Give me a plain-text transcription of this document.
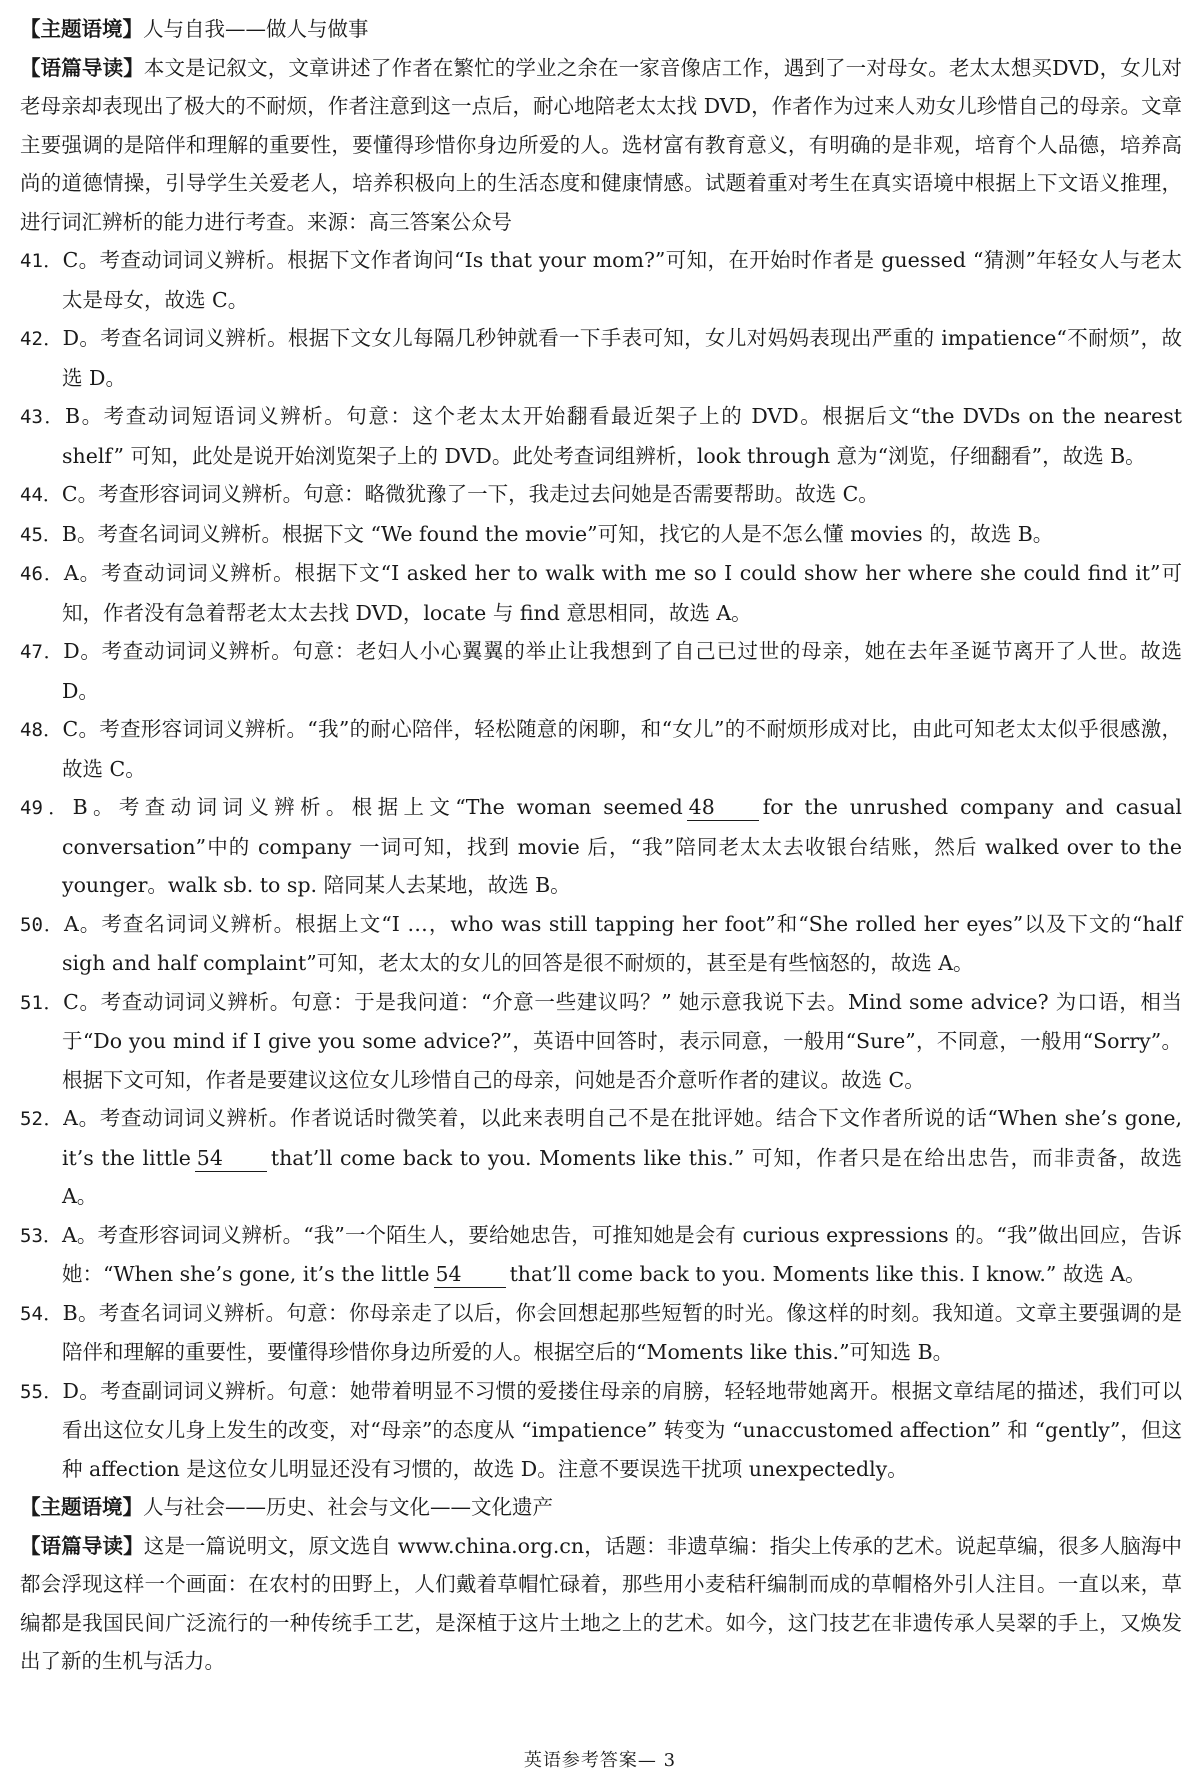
【主题语境】人与自我——做人与做事

【语篇导读】本文是记叙文，文章讲述了作者在繁忙的学业之余在一家音像店工作，遇到了一对母女。老太太想买DVD，女儿对老母亲却表现出了极大的不耐烦，作者注意到这一点后，耐心地陪老太太找 DVD，作者作为过来人劝女儿珍惜自己的母亲。文章主要强调的是陪伴和理解的重要性，要懂得珍惜你身边所爱的人。选材富有教育意义，有明确的是非观，培育个人品德，培养高尚的道德情操，引导学生关爱老人，培养积极向上的生活态度和健康情感。试题着重对考生在真实语境中根据上下文语义推理，进行词汇辨析的能力进行考查。来源：高三答案公众号

41．C。考查动词词义辨析。根据下文作者询问“Is that your mom?”可知，在开始时作者是 guessed “猜测”年轻女人与老太太是母女，故选 C。

42．D。考查名词词义辨析。根据下文女儿每隔几秒钟就看一下手表可知，女儿对妈妈表现出严重的 impatience“不耐烦”，故选 D。

43．B。考查动词短语词义辨析。句意：这个老太太开始翻看最近架子上的 DVD。根据后文“the DVDs on the nearest shelf” 可知，此处是说开始浏览架子上的 DVD。此处考查词组辨析，look through 意为“浏览，仔细翻看”，故选 B。

44．C。考查形容词词义辨析。句意：略微犹豫了一下，我走过去问她是否需要帮助。故选 C。

45．B。考查名词词义辨析。根据下文 “We found the movie”可知，找它的人是不怎么懂 movies 的，故选 B。

46．A。考查动词词义辨析。根据下文“I asked her to walk with me so I could show her where she could find it”可知，作者没有急着帮老太太去找 DVD，locate 与 find 意思相同，故选 A。

47．D。考查动词词义辨析。句意：老妇人小心翼翼的举止让我想到了自己已过世的母亲，她在去年圣诞节离开了人世。故选 D。

48．C。考查形容词词义辨析。“我”的耐心陪伴，轻松随意的闲聊，和“女儿”的不耐烦形成对比，由此可知老太太似乎很感激，故选 C。

49．B。考查动词词义辨析。根据上文“The woman seemed 48 for the unrushed company and casual conversation”中的 company 一词可知，找到 movie 后，“我”陪同老太太去收银台结账，然后 walked over to the younger。walk sb. to sp. 陪同某人去某地，故选 B。

50．A。考查名词词义辨析。根据上文“I …，who was still tapping her foot”和“She rolled her eyes”以及下文的“half sigh and half complaint”可知，老太太的女儿的回答是很不耐烦的，甚至是有些恼怒的，故选 A。

51．C。考查动词词义辨析。句意：于是我问道：“介意一些建议吗？” 她示意我说下去。Mind some advice? 为口语，相当于“Do you mind if I give you some advice?”，英语中回答时，表示同意，一般用“Sure”，不同意，一般用“Sorry”。根据下文可知，作者是要建议这位女儿珍惜自己的母亲，问她是否介意听作者的建议。故选 C。

52．A。考查动词词义辨析。作者说话时微笑着，以此来表明自己不是在批评她。结合下文作者所说的话“When she’s gone, it’s the little 54 that’ll come back to you. Moments like this.” 可知，作者只是在给出忠告，而非责备，故选 A。

53．A。考查形容词词义辨析。“我”一个陌生人，要给她忠告，可推知她是会有 curious expressions 的。“我”做出回应，告诉她：“When she’s gone, it’s the little 54 that’ll come back to you. Moments like this. I know.” 故选 A。

54．B。考查名词词义辨析。句意：你母亲走了以后，你会回想起那些短暂的时光。像这样的时刻。我知道。文章主要强调的是陪伴和理解的重要性，要懂得珍惜你身边所爱的人。根据空后的“Moments like this.”可知选 B。

55．D。考查副词词义辨析。句意：她带着明显不习惯的爱搂住母亲的肩膀，轻轻地带她离开。根据文章结尾的描述，我们可以看出这位女儿身上发生的改变，对“母亲”的态度从 “impatience” 转变为 “unaccustomed affection” 和 “gently”，但这种 affection 是这位女儿明显还没有习惯的，故选 D。注意不要误选干扰项 unexpectedly。

【主题语境】人与社会——历史、社会与文化——文化遗产

【语篇导读】这是一篇说明文，原文选自 www.china.org.cn，话题：非遗草编：指尖上传承的艺术。说起草编，很多人脑海中都会浮现这样一个画面：在农村的田野上，人们戴着草帽忙碌着，那些用小麦秸秆编制而成的草帽格外引人注目。一直以来，草编都是我国民间广泛流行的一种传统手工艺，是深植于这片土地之上的艺术。如今，这门技艺在非遗传承人吴翠的手上，又焕发出了新的生机与活力。

英语参考答案— 3
